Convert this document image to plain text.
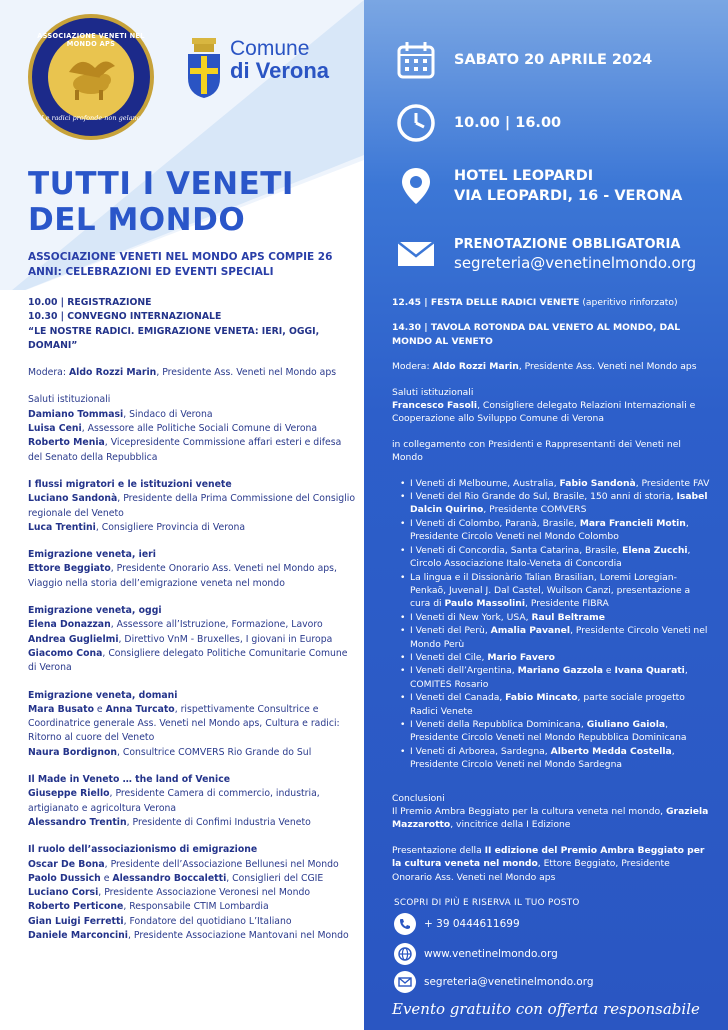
ASSOCIAZIONE VENETI NEL MONDO APS
Le radici profonde non gelano
Comune
di Verona
TUTTI I VENETI
DEL MONDO
ASSOCIAZIONE VENETI NEL MONDO APS COMPIE 26 ANNI: CELEBRAZIONI ED EVENTI SPECIALI
SABATO 20 APRILE 2024
10.00 | 16.00
HOTEL LEOPARDI
VIA LEOPARDI, 16 - VERONA
PRENOTAZIONE OBBLIGATORIA
segreteria@venetinelmondo.org
10.00 | REGISTRAZIONE
10.30 | CONVEGNO INTERNAZIONALE
“LE NOSTRE RADICI. EMIGRAZIONE VENETA: IERI, OGGI, DOMANI”
Modera: Aldo Rozzi Marin, Presidente Ass. Veneti nel Mondo aps
Saluti istituzionali
Damiano Tommasi, Sindaco di Verona
Luisa Ceni, Assessore alle Politiche Sociali Comune di Verona
Roberto Menia, Vicepresidente Commissione affari esteri e difesa del Senato della Repubblica
I flussi migratori e le istituzioni venete
Luciano Sandonà, Presidente della Prima Commissione del Consiglio regionale del Veneto
Luca Trentini, Consigliere Provincia di Verona
Emigrazione veneta, ieri
Ettore Beggiato, Presidente Onorario Ass. Veneti nel Mondo aps, Viaggio nella storia dell’emigrazione veneta nel mondo
Emigrazione veneta, oggi
Elena Donazzan, Assessore all’Istruzione, Formazione, Lavoro
Andrea Guglielmi, Direttivo VnM - Bruxelles, I giovani in Europa
Giacomo Cona, Consigliere delegato Politiche Comunitarie Comune di Verona
Emigrazione veneta, domani
Mara Busato e Anna Turcato, rispettivamente Consultrice e Coordinatrice generale Ass. Veneti nel Mondo aps, Cultura e radici: Ritorno al cuore del Veneto
Naura Bordignon, Consultrice COMVERS Rio Grande do Sul
Il Made in Veneto … the land of Venice
Giuseppe Riello, Presidente Camera di commercio, industria, artigianato e agricoltura Verona
Alessandro Trentin, Presidente di Confimi Industria Veneto
Il ruolo dell’associazionismo di emigrazione
Oscar De Bona, Presidente dell’Associazione Bellunesi nel Mondo
Paolo Dussich e Alessandro Boccaletti, Consiglieri del CGIE
Luciano Corsi, Presidente Associazione Veronesi nel Mondo
Roberto Perticone, Responsabile CTIM Lombardia
Gian Luigi Ferretti, Fondatore del quotidiano L’Italiano
Daniele Marconcini, Presidente Associazione Mantovani nel Mondo
12.45 | FESTA DELLE RADICI VENETE (aperitivo rinforzato)
14.30 | TAVOLA ROTONDA DAL VENETO AL MONDO, DAL MONDO AL VENETO
Modera: Aldo Rozzi Marin, Presidente Ass. Veneti nel Mondo aps
Saluti istituzionali
Francesco Fasoli, Consigliere delegato Relazioni Internazionali e Cooperazione allo Sviluppo Comune di Verona
in collegamento con Presidenti e Rappresentanti dei Veneti nel Mondo
• I Veneti di Melbourne, Australia, Fabio Sandonà, Presidente FAV
• I Veneti del Rio Grande do Sul, Brasile, 150 anni di storia, Isabel Dalcin Quirino, Presidente COMVERS
• I Veneti di Colombo, Paranà, Brasile, Mara Francieli Motin, Presidente Circolo Veneti nel Mondo Colombo
• I Veneti di Concordia, Santa Catarina, Brasile, Elena Zucchi, Circolo Associazione Italo-Veneta di Concordia
• La lingua e il Dissionàrio Talian Brasilian, Loremi Loregian-Penkaõ, Juvenal J. Dal Castel, Wuilson Canzi, presentazione a cura di Paulo Massolini, Presidente FIBRA
• I Veneti di New York, USA, Raul Beltrame
• I Veneti del Perù, Amalia Pavanel, Presidente Circolo Veneti nel Mondo Perù
• I Veneti del Cile, Mario Favero
• I Veneti dell’Argentina, Mariano Gazzola e Ivana Quarati, COMITES Rosario
• I Veneti del Canada, Fabio Mincato, parte sociale progetto Radici Venete
• I Veneti della Repubblica Dominicana, Giuliano Gaiola, Presidente Circolo Veneti nel Mondo Repubblica Dominicana
• I Veneti di Arborea, Sardegna, Alberto Medda Costella, Presidente Circolo Veneti nel Mondo Sardegna
Conclusioni
Il Premio Ambra Beggiato per la cultura veneta nel mondo, Graziela Mazzarotto, vincitrice della I Edizione
Presentazione della II edizione del Premio Ambra Beggiato per la cultura veneta nel mondo, Ettore Beggiato, Presidente Onorario Ass. Veneti nel Mondo aps
SCOPRI DI PIÙ E RISERVA IL TUO POSTO
+ 39 0444611699
www.venetinelmondo.org
segreteria@venetinelmondo.org
Evento gratuito con offerta responsabile
